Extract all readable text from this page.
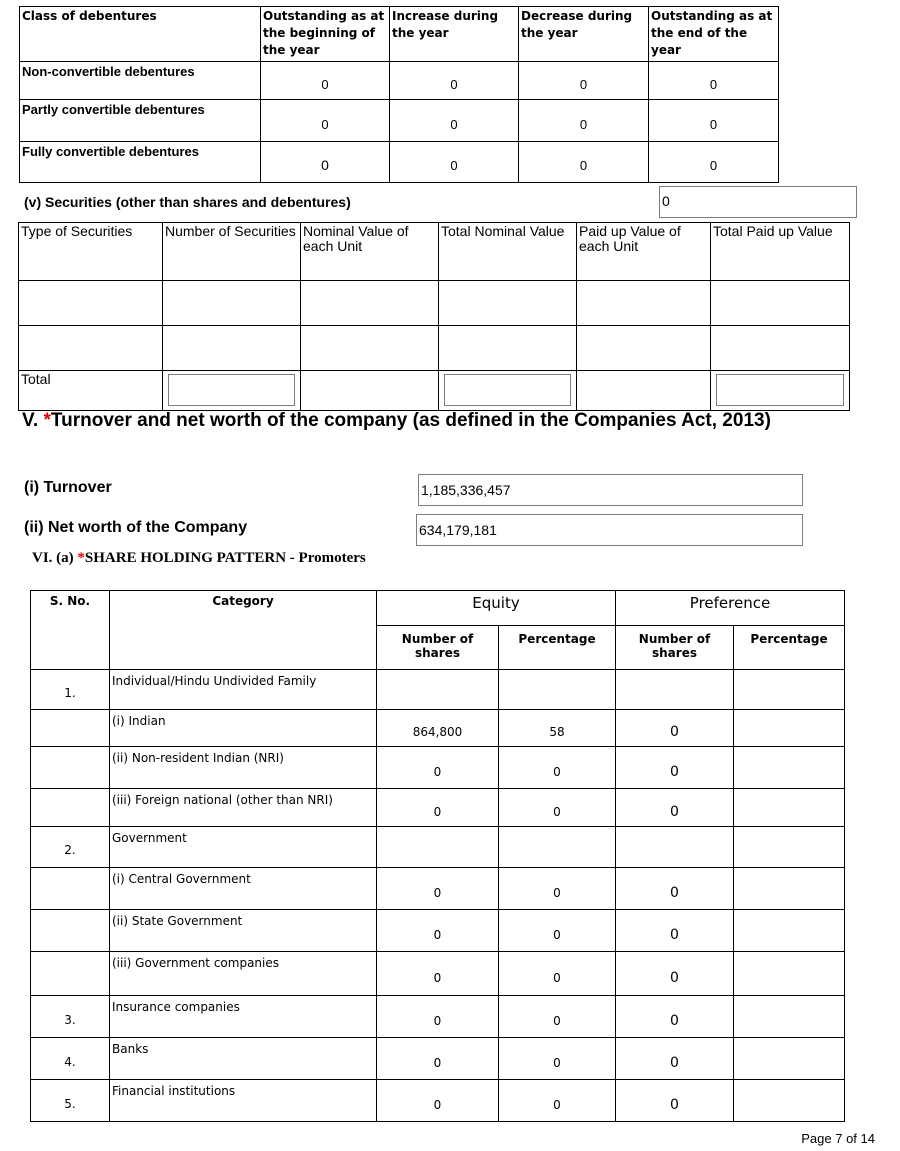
Class of debentures	Outstanding as at the beginning of the year	Increase during the year	Decrease during the year	Outstanding as at the end of the year
Non-convertible debentures	0	0	0	0
Partly convertible debentures	0	0	0	0
Fully convertible debentures	0	0	0	0
(v) Securities (other than shares and debentures)	0
Type of Securities	Number of Securities	Nominal Value of each Unit	Total Nominal Value	Paid up Value of each Unit	Total Paid up Value

Total	

V. *Turnover and net worth of the company (as defined in the Companies Act, 2013)
(i) Turnover	1,185,336,457
(ii) Net worth of the Company	634,179,181
VI. (a) *SHARE HOLDING PATTERN - Promoters
S. No.	Category	Equity		Preference	
		Number of shares	Percentage	Number of shares	Percentage
1.	Individual/Hindu Undivided Family				
	(i) Indian	864,800	58	0	
	(ii) Non-resident Indian (NRI)	0	0	0	
	(iii) Foreign national (other than NRI)	0	0	0	
2.	Government				
	(i) Central Government	0	0	0	
	(ii) State Government	0	0	0	
	(iii) Government companies	0	0	0	
3.	Insurance companies	0	0	0	
4.	Banks	0	0	0	
5.	Financial institutions	0	0	0	
Page 7 of 14
